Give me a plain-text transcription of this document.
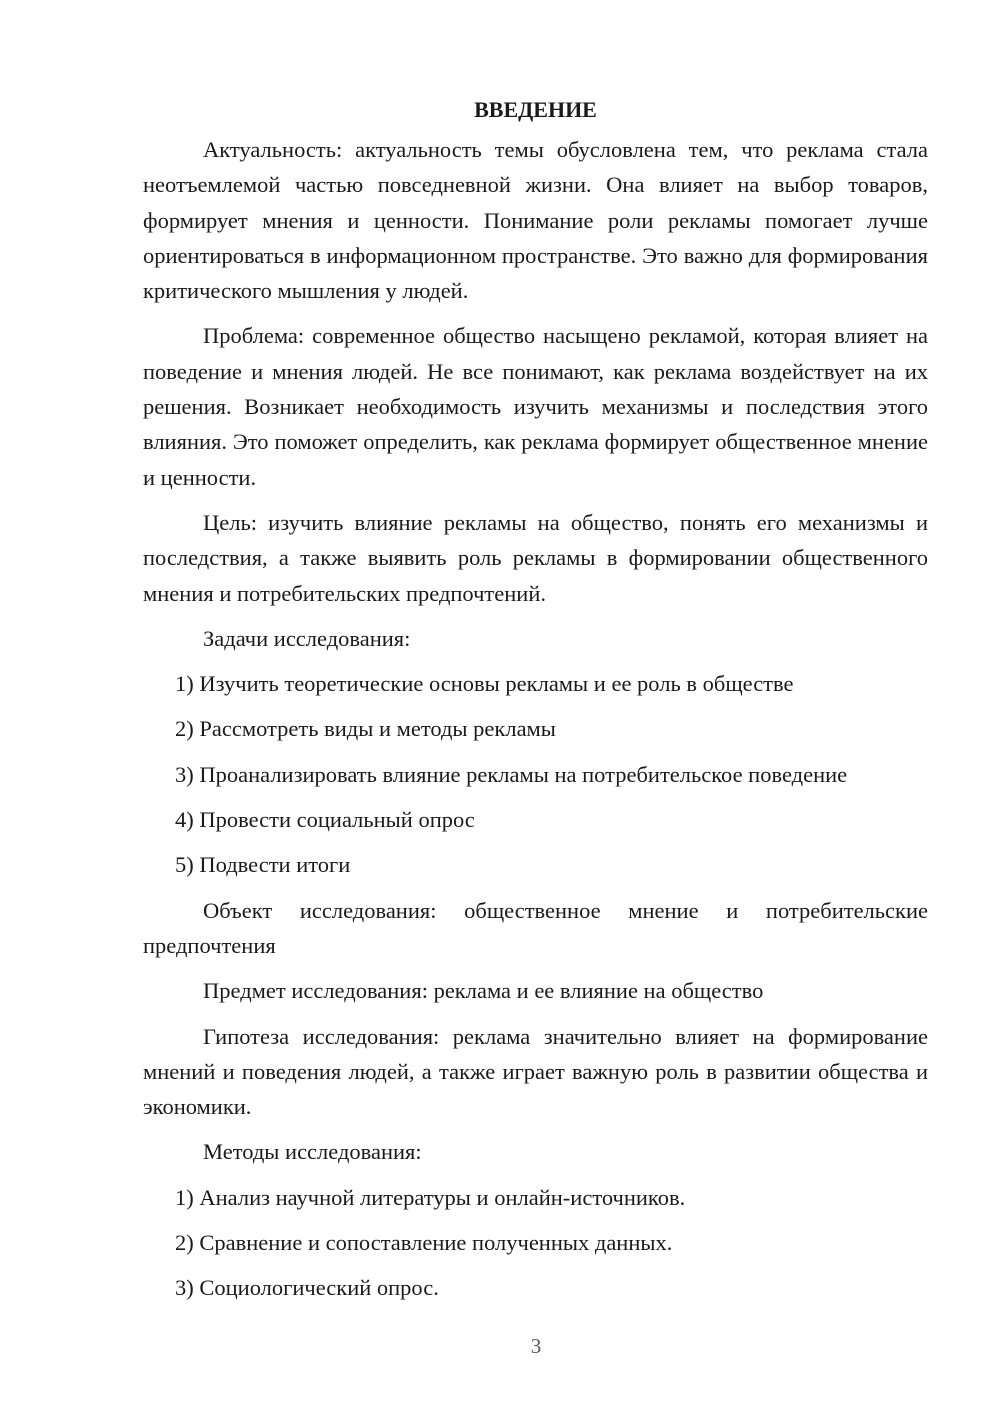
ВВЕДЕНИЕ

Актуальность: актуальность темы обусловлена тем, что реклама стала неотъемлемой частью повседневной жизни. Она влияет на выбор товаров, формирует мнения и ценности. Понимание роли рекламы помогает лучше ориентироваться в информационном пространстве. Это важно для формирования критического мышления у людей.

Проблема: современное общество насыщено рекламой, которая влияет на поведение и мнения людей. Не все понимают, как реклама воздействует на их решения. Возникает необходимость изучить механизмы и последствия этого влияния. Это поможет определить, как реклама формирует общественное мнение и ценности.

Цель: изучить влияние рекламы на общество, понять его механизмы и последствия, а также выявить роль рекламы в формировании общественного мнения и потребительских предпочтений.

Задачи исследования:

1) Изучить теоретические основы рекламы и ее роль в обществе

2) Рассмотреть виды и методы рекламы

3) Проанализировать влияние рекламы на потребительское поведение

4) Провести социальный опрос

5) Подвести итоги

Объект исследования: общественное мнение и потребительские предпочтения

Предмет исследования: реклама и ее влияние на общество

Гипотеза исследования: реклама значительно влияет на формирование мнений и поведения людей, а также играет важную роль в развитии общества и экономики.

Методы исследования:

1) Анализ научной литературы и онлайн-источников.

2) Сравнение и сопоставление полученных данных.

3) Социологический опрос.

3
